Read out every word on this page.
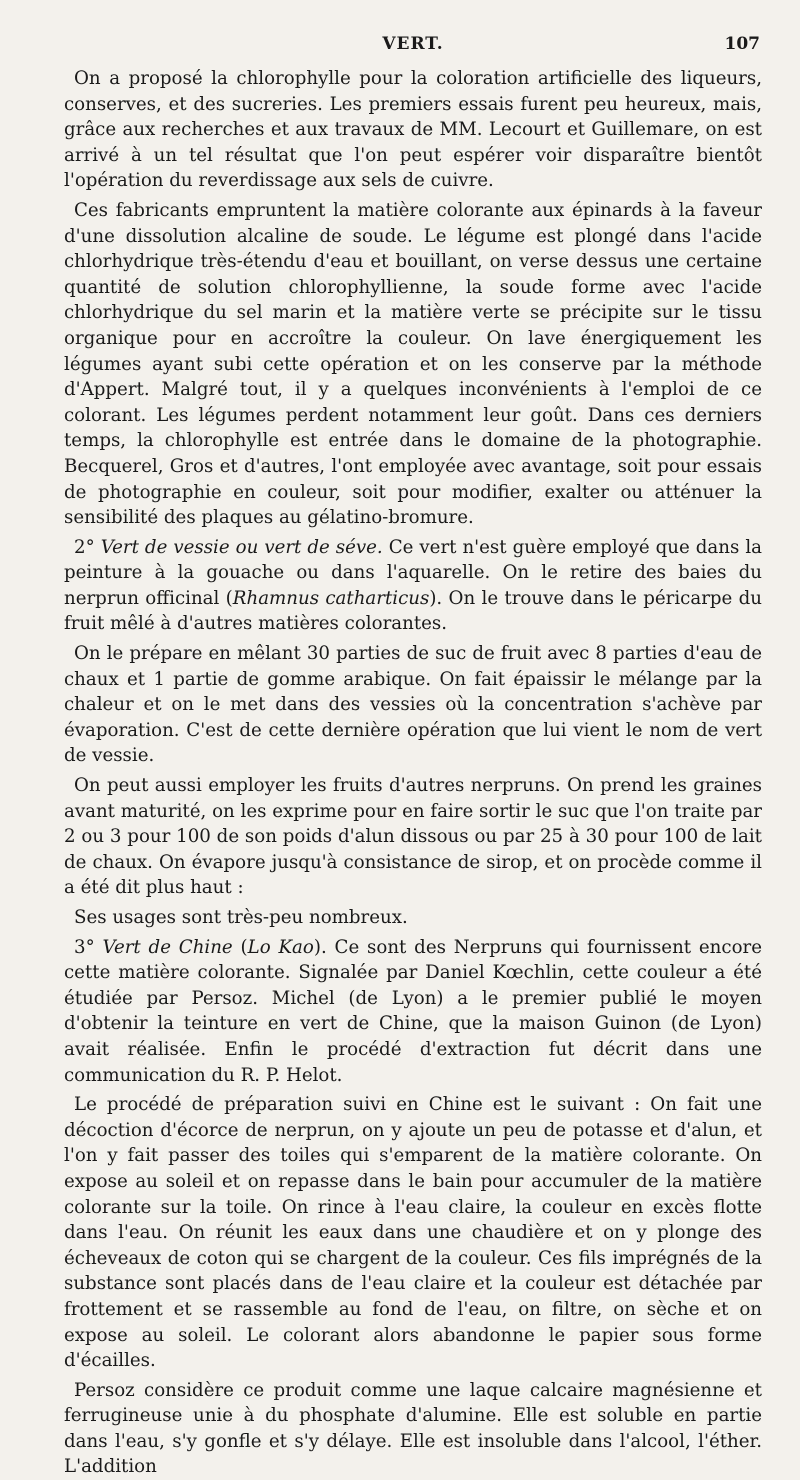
VERT.	107

On a proposé la chlorophylle pour la coloration artificielle des liqueurs, conserves, et des sucreries. Les premiers essais furent peu heureux, mais, grâce aux recherches et aux travaux de MM. Lecourt et Guillemare, on est arrivé à un tel résultat que l'on peut espérer voir disparaître bientôt l'opération du reverdissage aux sels de cuivre.

Ces fabricants empruntent la matière colorante aux épinards à la faveur d'une dissolution alcaline de soude. Le légume est plongé dans l'acide chlorhydrique très-étendu d'eau et bouillant, on verse dessus une certaine quantité de solution chlorophyllienne, la soude forme avec l'acide chlorhydrique du sel marin et la matière verte se précipite sur le tissu organique pour en accroître la couleur. On lave énergiquement les légumes ayant subi cette opération et on les conserve par la méthode d'Appert. Malgré tout, il y a quelques inconvénients à l'emploi de ce colorant. Les légumes perdent notamment leur goût. Dans ces derniers temps, la chlorophylle est entrée dans le domaine de la photographie. Becquerel, Gros et d'autres, l'ont employée avec avantage, soit pour essais de photographie en couleur, soit pour modifier, exalter ou atténuer la sensibilité des plaques au gélatino-bromure.

2° Vert de vessie ou vert de séve. Ce vert n'est guère employé que dans la peinture à la gouache ou dans l'aquarelle. On le retire des baies du nerprun officinal (Rhamnus catharticus). On le trouve dans le péricarpe du fruit mêlé à d'autres matières colorantes.

On le prépare en mêlant 30 parties de suc de fruit avec 8 parties d'eau de chaux et 1 partie de gomme arabique. On fait épaissir le mélange par la chaleur et on le met dans des vessies où la concentration s'achève par évaporation. C'est de cette dernière opération que lui vient le nom de vert de vessie.

On peut aussi employer les fruits d'autres nerpruns. On prend les graines avant maturité, on les exprime pour en faire sortir le suc que l'on traite par 2 ou 3 pour 100 de son poids d'alun dissous ou par 25 à 30 pour 100 de lait de chaux. On évapore jusqu'à consistance de sirop, et on procède comme il a été dit plus haut :

Ses usages sont très-peu nombreux.

3° Vert de Chine (Lo Kao). Ce sont des Nerpruns qui fournissent encore cette matière colorante. Signalée par Daniel Kœchlin, cette couleur a été étudiée par Persoz. Michel (de Lyon) a le premier publié le moyen d'obtenir la teinture en vert de Chine, que la maison Guinon (de Lyon) avait réalisée. Enfin le procédé d'extraction fut décrit dans une communication du R. P. Helot.

Le procédé de préparation suivi en Chine est le suivant : On fait une décoction d'écorce de nerprun, on y ajoute un peu de potasse et d'alun, et l'on y fait passer des toiles qui s'emparent de la matière colorante. On expose au soleil et on repasse dans le bain pour accumuler de la matière colorante sur la toile. On rince à l'eau claire, la couleur en excès flotte dans l'eau. On réunit les eaux dans une chaudière et on y plonge des écheveaux de coton qui se chargent de la couleur. Ces fils imprégnés de la substance sont placés dans de l'eau claire et la couleur est détachée par frottement et se rassemble au fond de l'eau, on filtre, on sèche et on expose au soleil. Le colorant alors abandonne le papier sous forme d'écailles.

Persoz considère ce produit comme une laque calcaire magnésienne et ferrugineuse unie à du phosphate d'alumine. Elle est soluble en partie dans l'eau, s'y gonfle et s'y délaye. Elle est insoluble dans l'alcool, l'éther. L'addition
